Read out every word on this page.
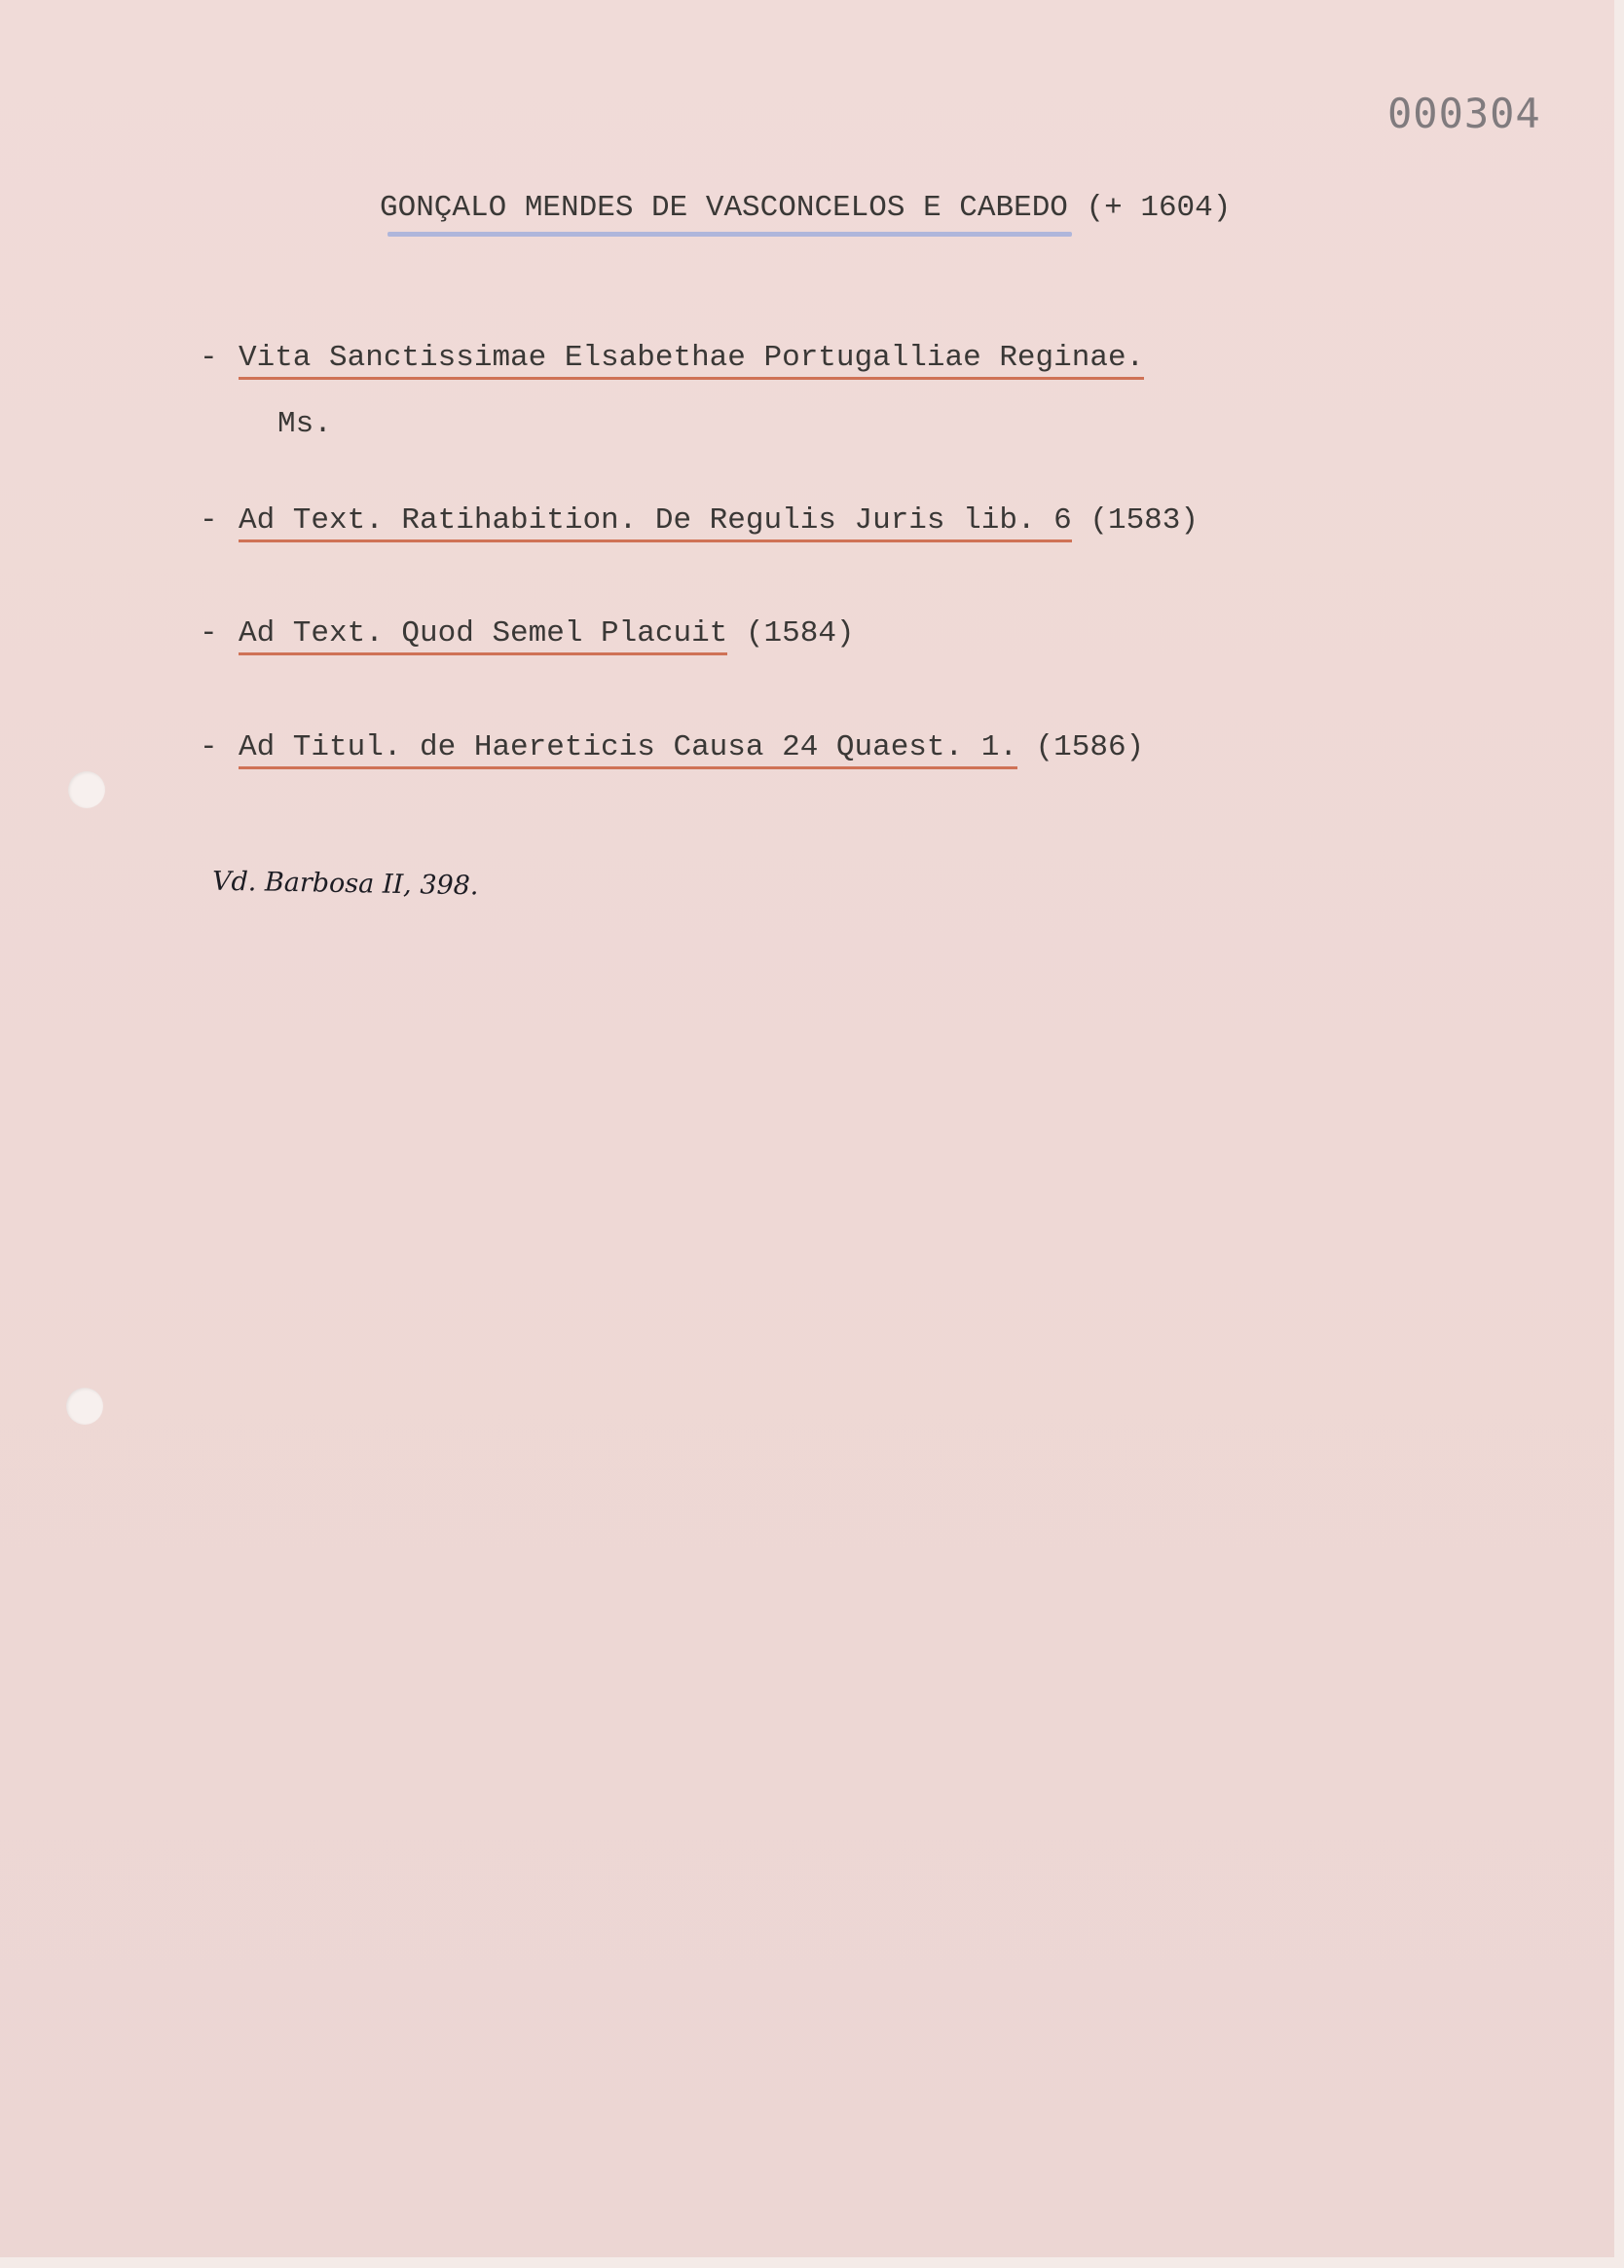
000304
GONÇALO MENDES DE VASCONCELOS E CABEDO (+ 1604)
- Vita Sanctissimae Elsabethae Portugalliae Reginae.
Ms.
- Ad Text. Ratihabition. De Regulis Juris lib. 6 (1583)
- Ad Text. Quod Semel Placuit (1584)
- Ad Titul. de Haereticis Causa 24 Quaest. 1. (1586)
Vd. Barbosa II, 398.
